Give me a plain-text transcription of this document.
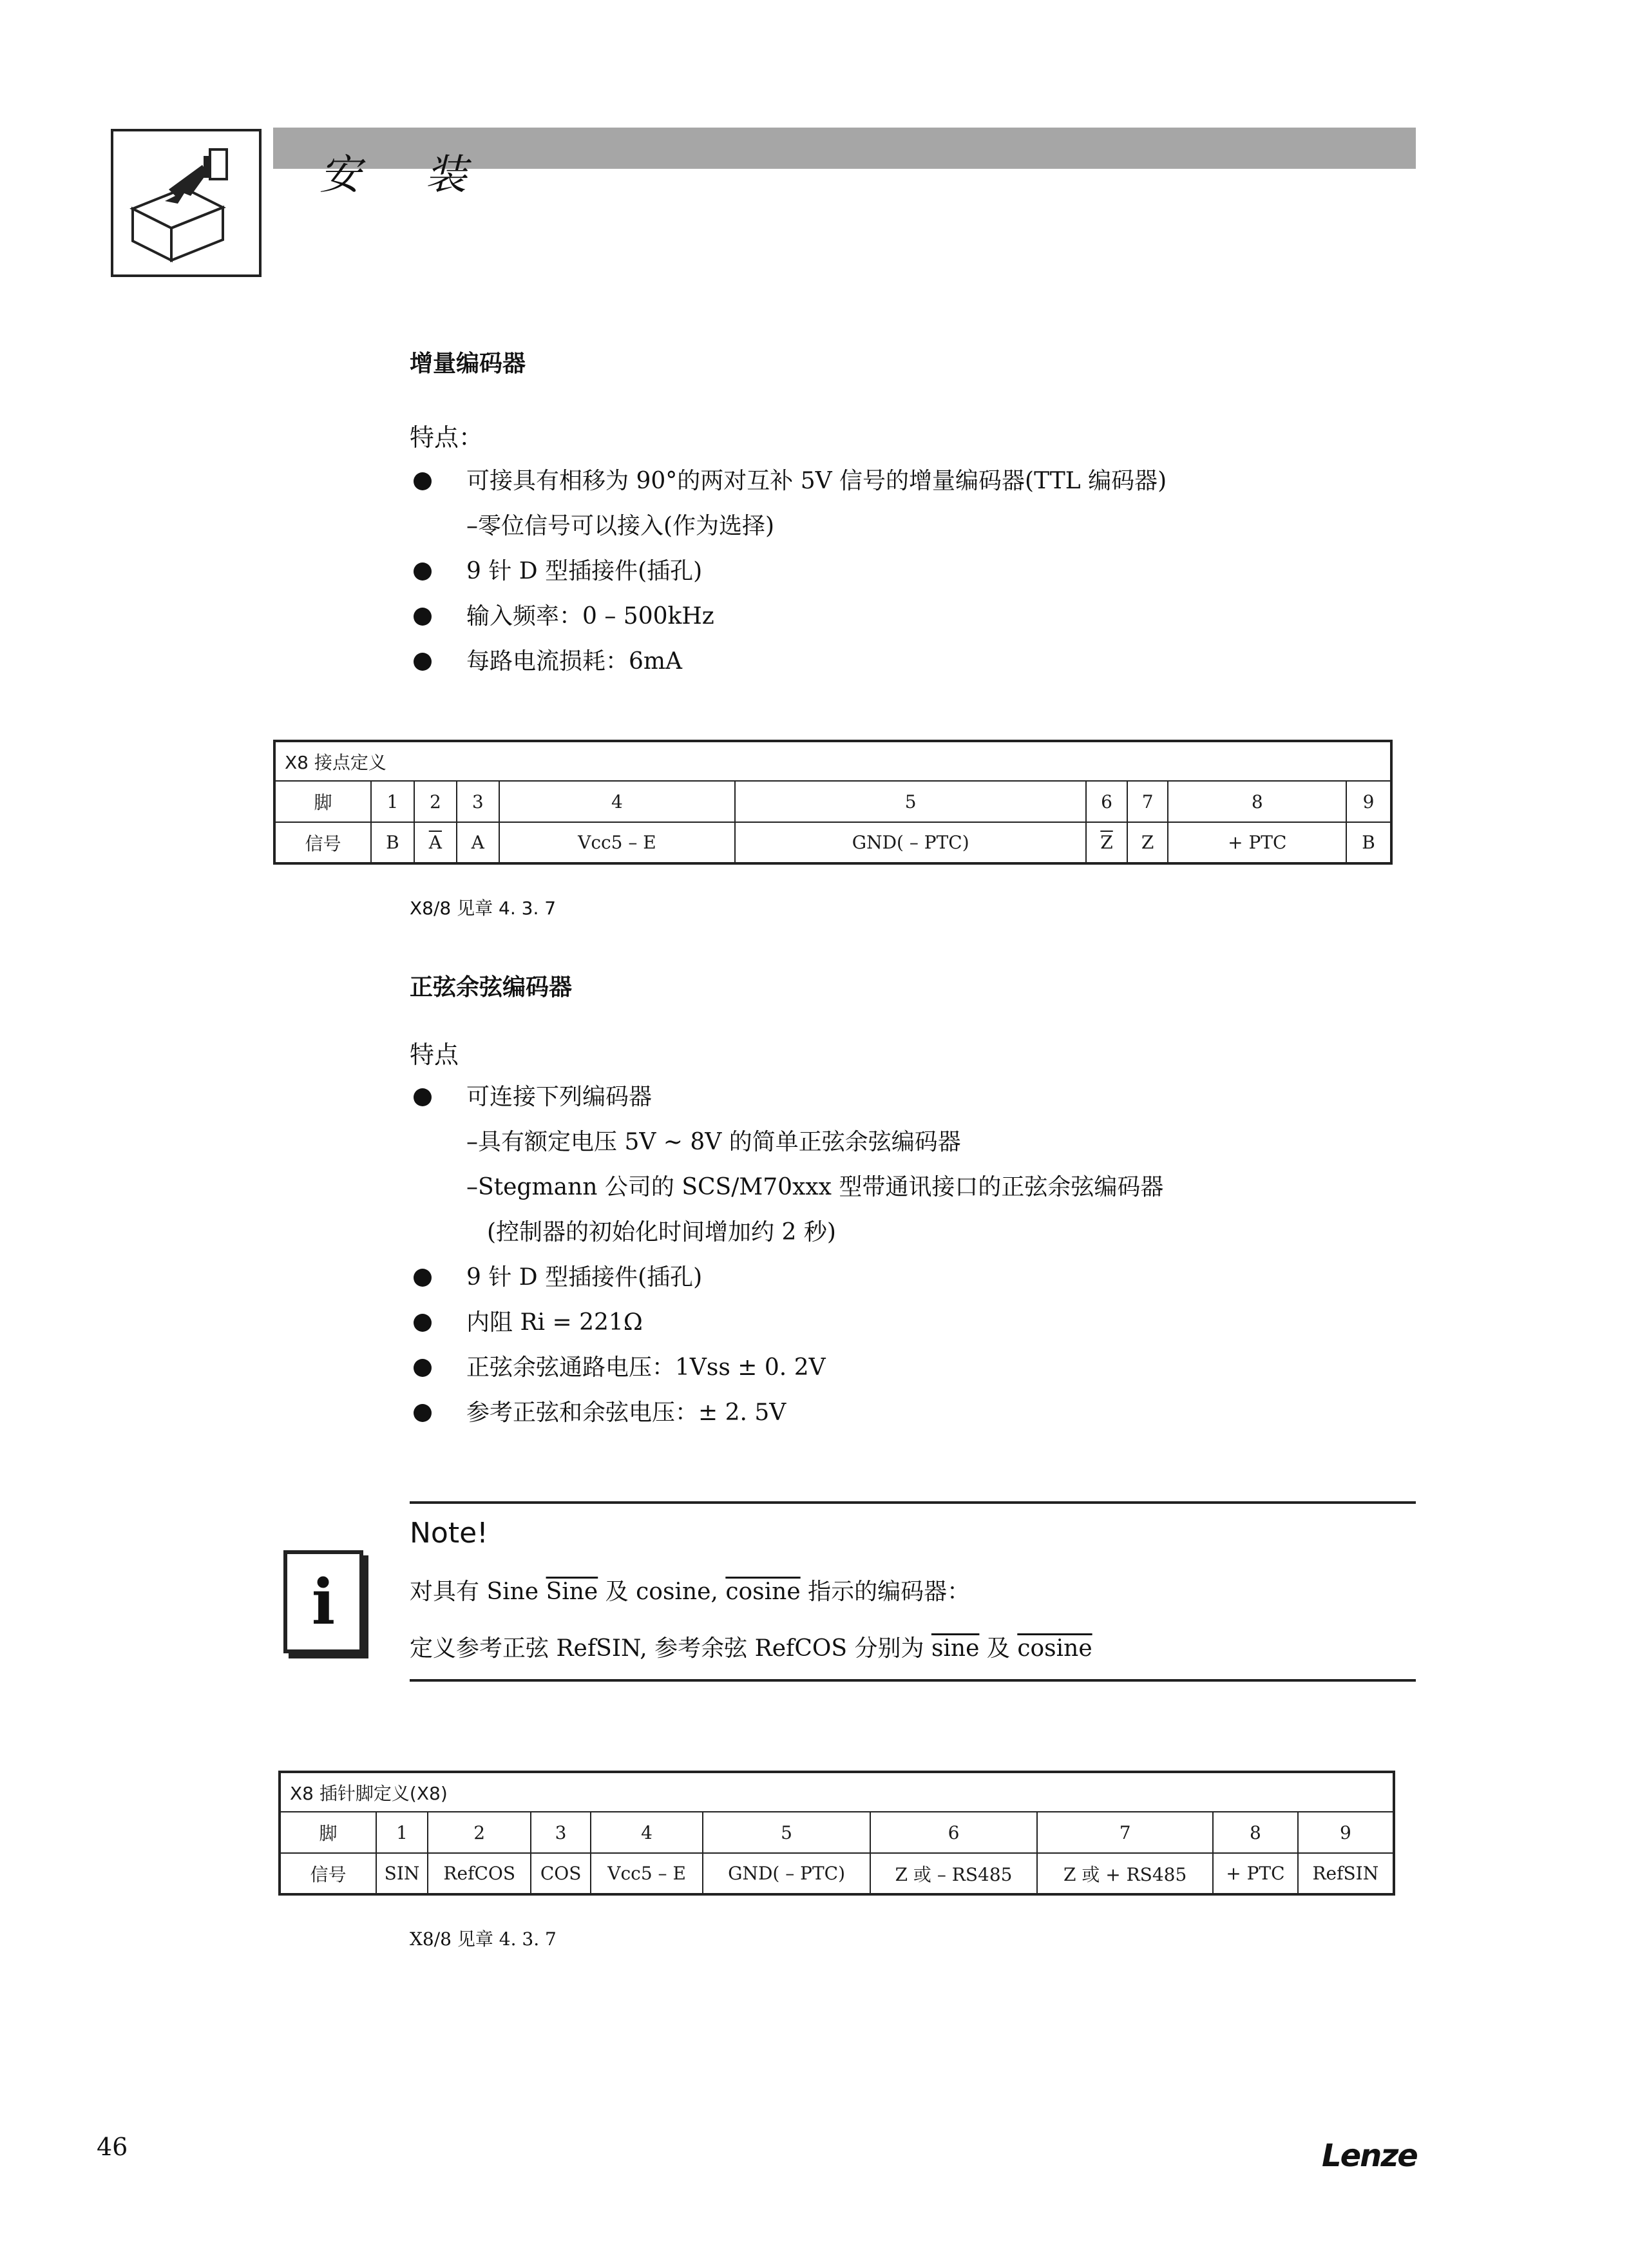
安 装
增量编码器
特点：
可接具有相移为 90°的两对互补 5V 信号的增量编码器(TTL 编码器)
–零位信号可以接入(作为选择)
9 针 D 型插接件(插孔)
输入频率：0 – 500kHz
每路电流损耗：6mA
X8 接点定义									
脚	1	2	3	4	5	6	7	8	9
信号	B	$\overline{A}$	A	Vcc5 – E	GND( – PTC)	$\overline{Z}$	Z	+ PTC	B
X8/8 见章 4. 3. 7
正弦余弦编码器
特点
可连接下列编码器
–具有额定电压 5V ~ 8V 的简单正弦余弦编码器
–Stegmann 公司的 SCS/M70xxx 型带通讯接口的正弦余弦编码器
(控制器的初始化时间增加约 2 秒)
9 针 D 型插接件(插孔)
内阻 Ri = 221Ω
正弦余弦通路电压：1Vss ± 0. 2V
参考正弦和余弦电压：± 2. 5V
i
Note!
对具有 Sine Sine 及 cosine, cosine 指示的编码器：
定义参考正弦 RefSIN, 参考余弦 RefCOS 分别为 sine 及 cosine
X8 插针脚定义(X8)									
脚	1	2	3	4	5	6	7	8	9
信号	SIN	RefCOS	COS	Vcc5 – E	GND( – PTC)	Z 或 – RS485	Z 或 + RS485	+ PTC	RefSIN
X8/8 见章 4. 3. 7
46	Lenze
